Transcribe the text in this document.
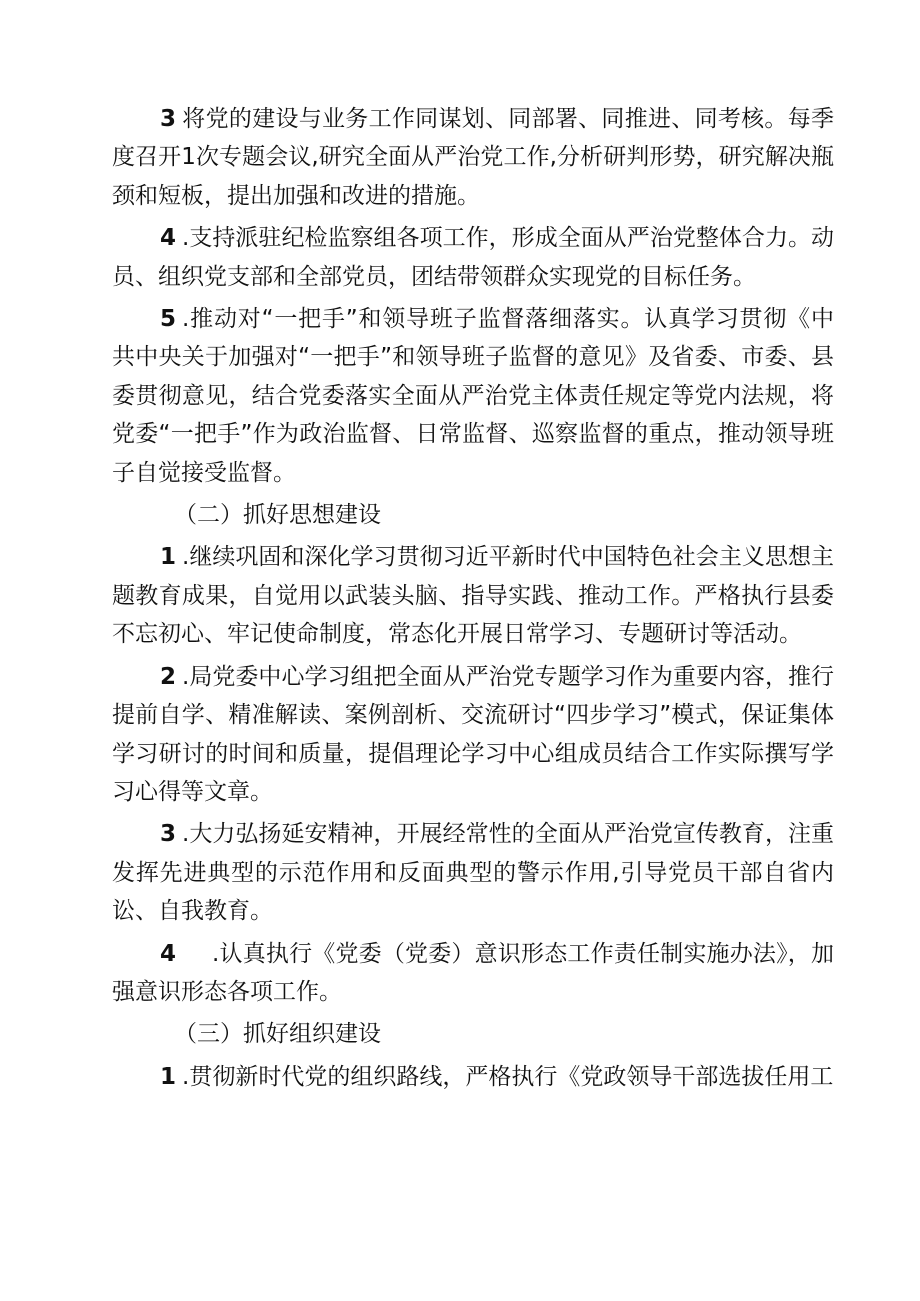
3 将党的建设与业务工作同谋划、同部署、同推进、同考核。每季度召开1次专题会议,研究全面从严治党工作,分析研判形势，研究解决瓶颈和短板，提出加强和改进的措施。

4 .支持派驻纪检监察组各项工作，形成全面从严治党整体合力。动员、组织党支部和全部党员，团结带领群众实现党的目标任务。

5 .推动对“一把手”和领导班子监督落细落实。认真学习贯彻《中共中央关于加强对“一把手”和领导班子监督的意见》及省委、市委、县委贯彻意见，结合党委落实全面从严治党主体责任规定等党内法规，将党委“一把手”作为政治监督、日常监督、巡察监督的重点，推动领导班子自觉接受监督。

（二）抓好思想建设

1 .继续巩固和深化学习贯彻习近平新时代中国特色社会主义思想主题教育成果，自觉用以武装头脑、指导实践、推动工作。严格执行县委不忘初心、牢记使命制度，常态化开展日常学习、专题研讨等活动。

2 .局党委中心学习组把全面从严治党专题学习作为重要内容，推行提前自学、精准解读、案例剖析、交流研讨“四步学习”模式，保证集体学习研讨的时间和质量，提倡理论学习中心组成员结合工作实际撰写学习心得等文章。

3 .大力弘扬延安精神，开展经常性的全面从严治党宣传教育，注重发挥先进典型的示范作用和反面典型的警示作用,引导党员干部自省内讼、自我教育。

4    .认真执行《党委（党委）意识形态工作责任制实施办法》，加强意识形态各项工作。

（三）抓好组织建设

1 .贯彻新时代党的组织路线，严格执行《党政领导干部选拔任用工
